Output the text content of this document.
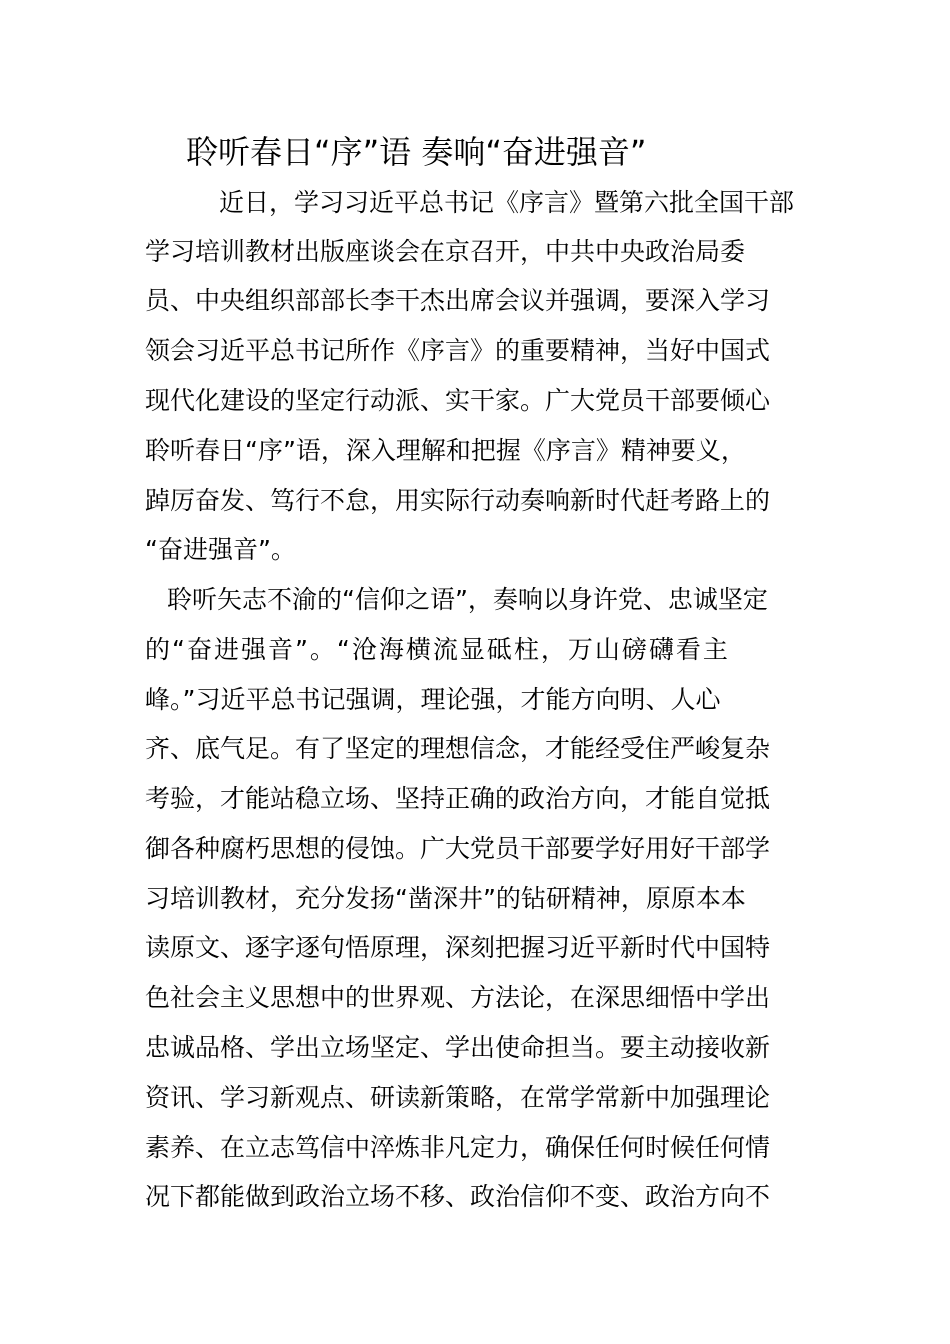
聆听春日“序”语 奏响“奋进强音”

近日，学习习近平总书记《序言》暨第六批全国干部

学习培训教材出版座谈会在京召开，中共中央政治局委

员、中央组织部部长李干杰出席会议并强调，要深入学习

领会习近平总书记所作《序言》的重要精神，当好中国式

现代化建设的坚定行动派、实干家。广大党员干部要倾心

聆听春日“序”语，深入理解和把握《序言》精神要义，

踔厉奋发、笃行不怠，用实际行动奏响新时代赶考路上的

“奋进强音”。

聆听矢志不渝的“信仰之语”，奏响以身许党、忠诚坚定

的“奋进强音”。“沧海横流显砥柱，万山磅礴看主

峰。”习近平总书记强调，理论强，才能方向明、人心

齐、底气足。有了坚定的理想信念，才能经受住严峻复杂

考验，才能站稳立场、坚持正确的政治方向，才能自觉抵

御各种腐朽思想的侵蚀。广大党员干部要学好用好干部学

习培训教材，充分发扬“凿深井”的钻研精神，原原本本

读原文、逐字逐句悟原理，深刻把握习近平新时代中国特

色社会主义思想中的世界观、方法论，在深思细悟中学出

忠诚品格、学出立场坚定、学出使命担当。要主动接收新

资讯、学习新观点、研读新策略，在常学常新中加强理论

素养、在立志笃信中淬炼非凡定力，确保任何时候任何情

况下都能做到政治立场不移、政治信仰不变、政治方向不
